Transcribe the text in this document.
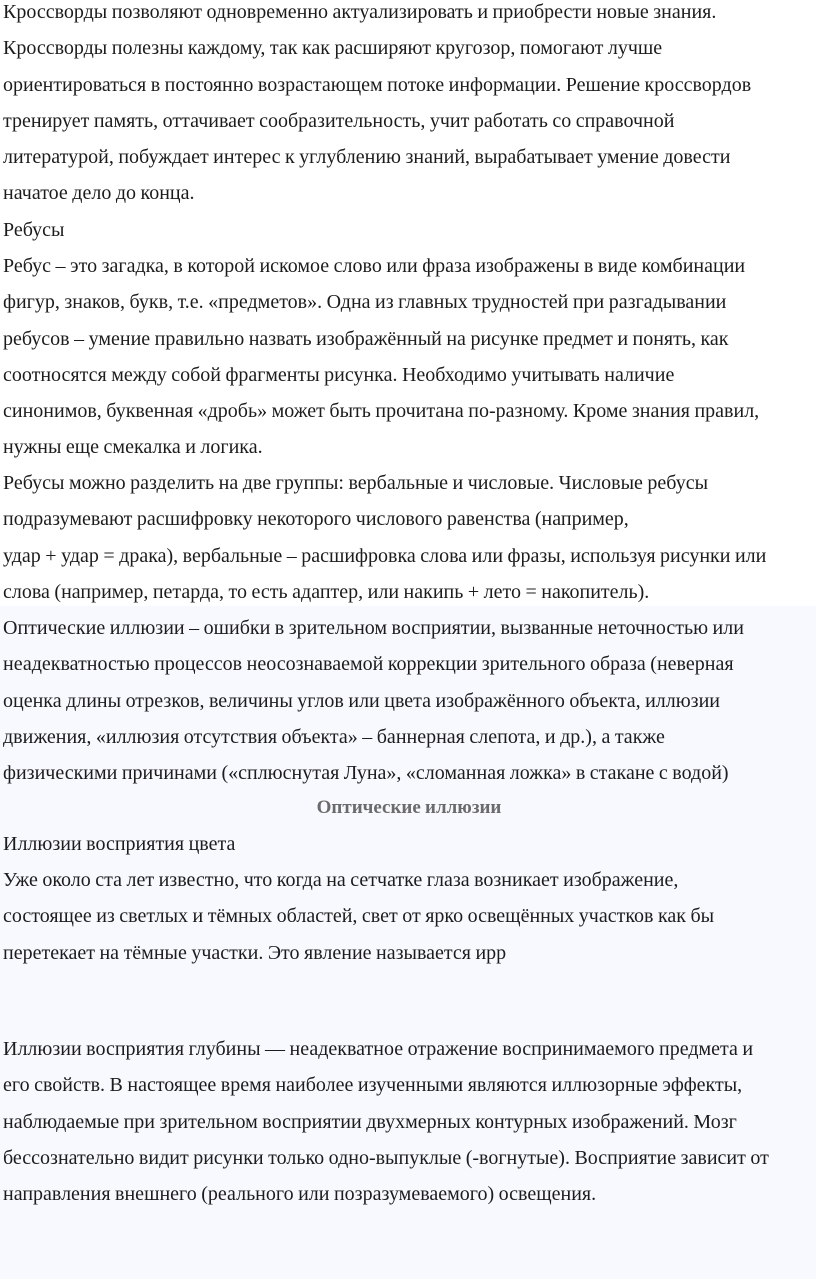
Кроссворды позволяют одновременно актуализировать и приобрести новые знания.
Кроссворды полезны каждому, так как расширяют кругозор, помогают лучше
ориентироваться в постоянно возрастающем потоке информации. Решение кроссвордов
тренирует память, оттачивает сообразительность, учит работать со справочной
литературой, побуждает интерес к углублению знаний, вырабатывает умение довести
начатое дело до конца.

Ребусы

Ребус – это загадка, в которой искомое слово или фраза изображены в виде комбинации
фигур, знаков, букв, т.е. «предметов». Одна из главных трудностей при разгадывании
ребусов – умение правильно назвать изображённый на рисунке предмет и понять, как
соотносятся между собой фрагменты рисунка. Необходимо учитывать наличие
синонимов, буквенная «дробь» может быть прочитана по-разному. Кроме знания правил,
нужны еще смекалка и логика.

Ребусы можно разделить на две группы: вербальные и числовые. Числовые ребусы
подразумевают расшифровку некоторого числового равенства (например,
удар + удар = драка), вербальные – расшифровка слова или фразы, используя рисунки или
слова (например, петарда, то есть адаптер, или накипь + лето = накопитель).

Оптические иллюзии – ошибки в зрительном восприятии, вызванные неточностью или
неадекватностью процессов неосознаваемой коррекции зрительного образа (неверная
оценка длины отрезков, величины углов или цвета изображённого объекта, иллюзии
движения, «иллюзия отсутствия объекта» – баннерная слепота, и др.), а также
физическими причинами («сплюснутая Луна», «сломанная ложка» в стакане с водой)

Оптические иллюзии

Иллюзии восприятия цвета

Уже около ста лет известно, что когда на сетчатке глаза возникает изображение,
состоящее из светлых и тёмных областей, свет от ярко освещённых участков как бы
перетекает на тёмные участки. Это явление называется ирр

Иллюзии восприятия глубины — неадекватное отражение воспринимаемого предмета и
его свойств. В настоящее время наиболее изученными являются иллюзорные эффекты,
наблюдаемые при зрительном восприятии двухмерных контурных изображений. Мозг
бессознательно видит рисунки только одно-выпуклые (-вогнутые). Восприятие зависит от
направления внешнего (реального или позразумеваемого) освещения.
